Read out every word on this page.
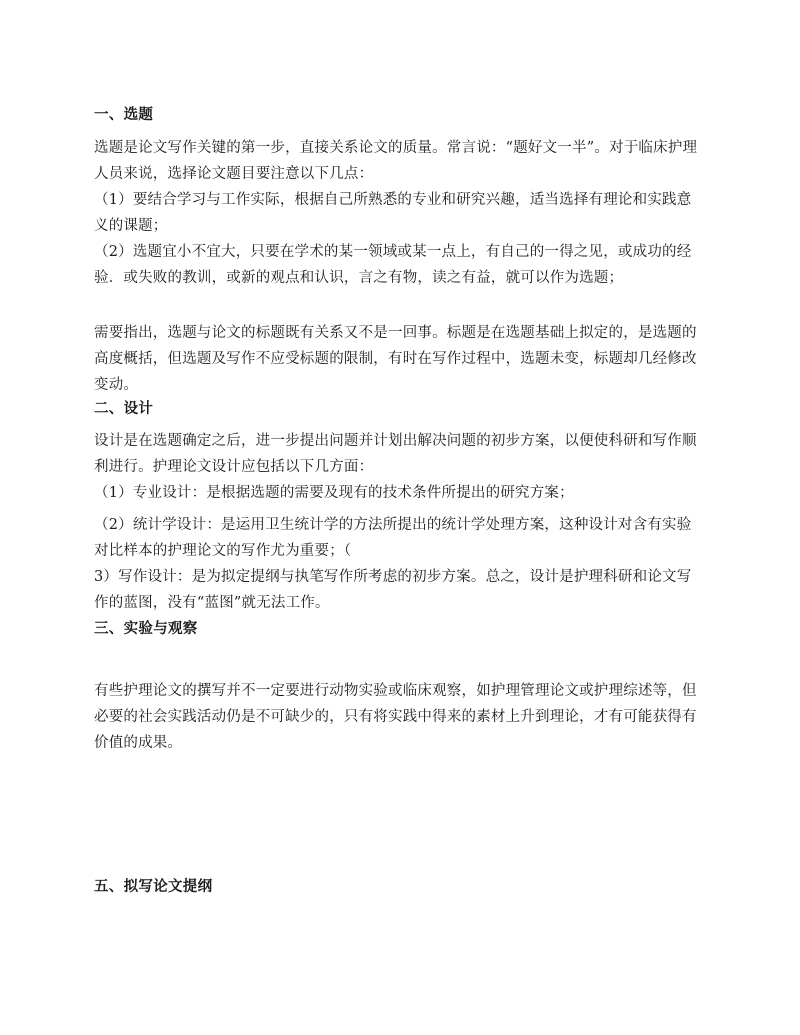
一、选题

选题是论文写作关键的第一步，直接关系论文的质量。常言说：“题好文一半”。对于临床护理人员来说，选择论文题目要注意以下几点：

（1）要结合学习与工作实际，根据自己所熟悉的专业和研究兴趣，适当选择有理论和实践意义的课题；

（2）选题宜小不宜大，只要在学术的某一领域或某一点上，有自己的一得之见，或成功的经验．或失败的教训，或新的观点和认识，言之有物，读之有益，就可以作为选题；

需要指出，选题与论文的标题既有关系又不是一回事。标题是在选题基础上拟定的，是选题的高度概括，但选题及写作不应受标题的限制，有时在写作过程中，选题未变，标题却几经修改变动。

二、设计

设计是在选题确定之后，进一步提出问题并计划出解决问题的初步方案，以便使科研和写作顺利进行。护理论文设计应包括以下几方面：

（1）专业设计：是根据选题的需要及现有的技术条件所提出的研究方案；

（2）统计学设计：是运用卫生统计学的方法所提出的统计学处理方案，这种设计对含有实验对比样本的护理论文的写作尤为重要；（

3）写作设计：是为拟定提纲与执笔写作所考虑的初步方案。总之，设计是护理科研和论文写作的蓝图，没有“蓝图”就无法工作。

三、实验与观察

有些护理论文的撰写并不一定要进行动物实验或临床观察，如护理管理论文或护理综述等，但必要的社会实践活动仍是不可缺少的，只有将实践中得来的素材上升到理论，才有可能获得有价值的成果。

五、拟写论文提纲
